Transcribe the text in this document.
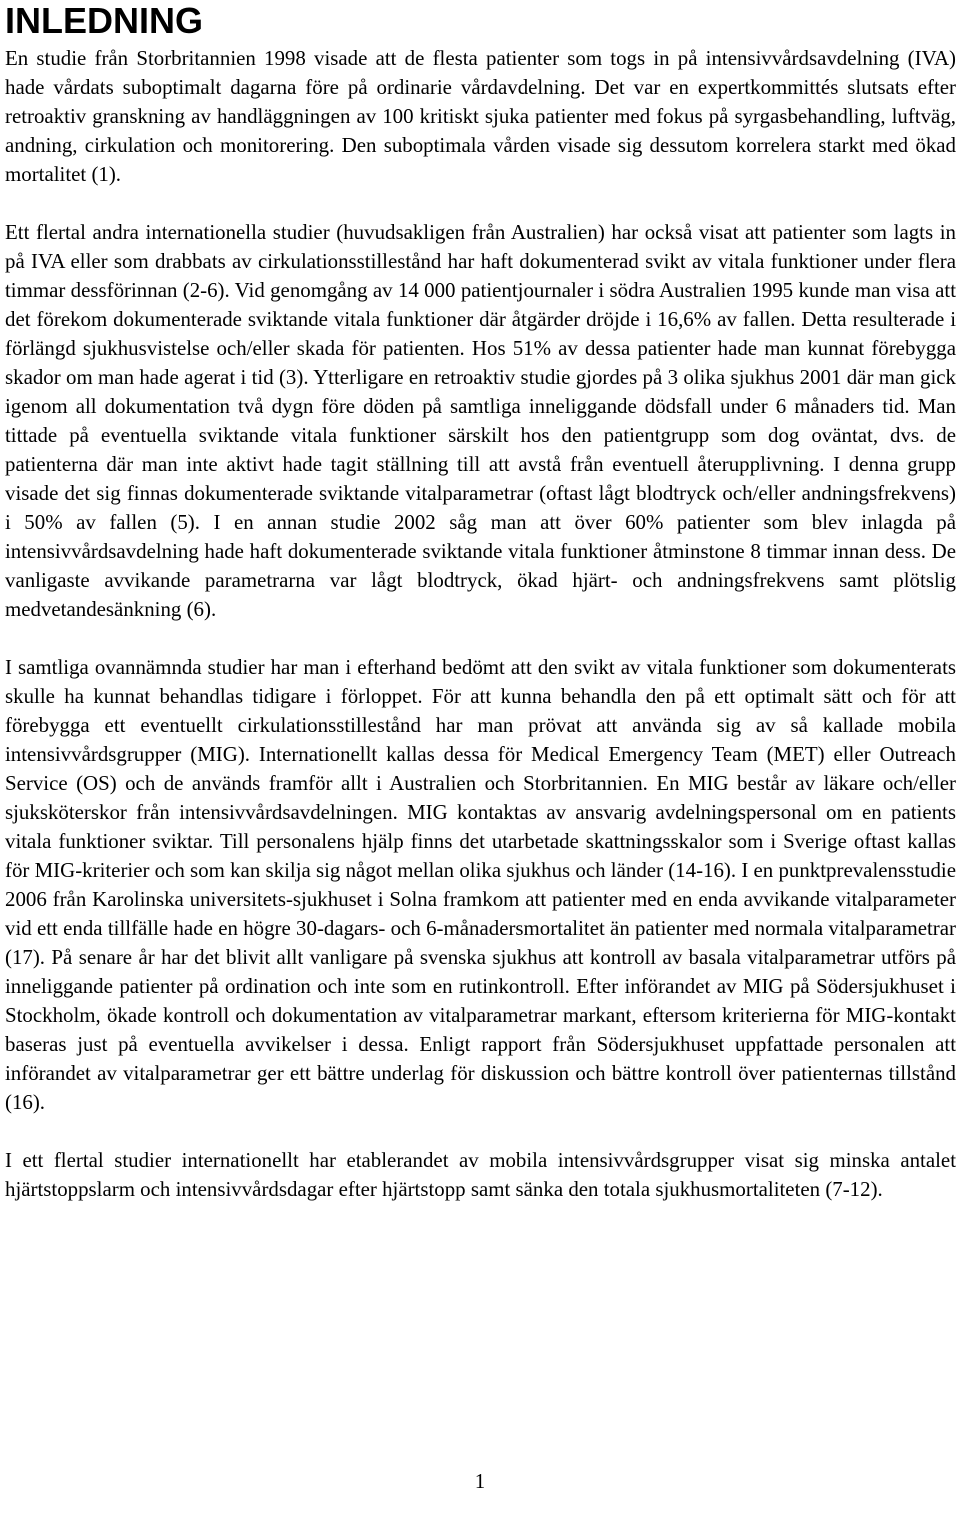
INLEDNING

En studie från Storbritannien 1998 visade att de flesta patienter som togs in på intensivvårdsavdelning (IVA) hade vårdats suboptimalt dagarna före på ordinarie vårdavdelning. Det var en expertkommittés slutsats efter retroaktiv granskning av handläggningen av 100 kritiskt sjuka patienter med fokus på syrgasbehandling, luftväg, andning, cirkulation och monitorering. Den suboptimala vården visade sig dessutom korrelera starkt med ökad mortalitet (1).

Ett flertal andra internationella studier (huvudsakligen från Australien) har också visat att patienter som lagts in på IVA eller som drabbats av cirkulationsstillestånd har haft dokumenterad svikt av vitala funktioner under flera timmar dessförinnan (2-6). Vid genomgång av 14 000 patientjournaler i södra Australien 1995 kunde man visa att det förekom dokumenterade sviktande vitala funktioner där åtgärder dröjde i 16,6% av fallen. Detta resulterade i förlängd sjukhusvistelse och/eller skada för patienten. Hos 51% av dessa patienter hade man kunnat förebygga skador om man hade agerat i tid (3). Ytterligare en retroaktiv studie gjordes på 3 olika sjukhus 2001 där man gick igenom all dokumentation två dygn före döden på samtliga inneliggande dödsfall under 6 månaders tid. Man tittade på eventuella sviktande vitala funktioner särskilt hos den patientgrupp som dog oväntat, dvs. de patienterna där man inte aktivt hade tagit ställning till att avstå från eventuell återupplivning. I denna grupp visade det sig finnas dokumenterade sviktande vitalparametrar (oftast lågt blodtryck och/eller andningsfrekvens) i 50% av fallen (5). I en annan studie 2002 såg man att över 60% patienter som blev inlagda på intensivvårdsavdelning hade haft dokumenterade sviktande vitala funktioner åtminstone 8 timmar innan dess. De vanligaste avvikande parametrarna var lågt blodtryck, ökad hjärt- och andningsfrekvens samt plötslig medvetandesänkning (6).

I samtliga ovannämnda studier har man i efterhand bedömt att den svikt av vitala funktioner som dokumenterats skulle ha kunnat behandlas tidigare i förloppet. För att kunna behandla den på ett optimalt sätt och för att förebygga ett eventuellt cirkulationsstillestånd har man prövat att använda sig av så kallade mobila intensivvårdsgrupper (MIG). Internationellt kallas dessa för Medical Emergency Team (MET) eller Outreach Service (OS) och de används framför allt i Australien och Storbritannien. En MIG består av läkare och/eller sjuksköterskor från intensivvårdsavdelningen. MIG kontaktas av ansvarig avdelningspersonal om en patients vitala funktioner sviktar. Till personalens hjälp finns det utarbetade skattningsskalor som i Sverige oftast kallas för MIG-kriterier och som kan skilja sig något mellan olika sjukhus och länder (14-16). I en punktprevalensstudie 2006 från Karolinska universitets-sjukhuset i Solna framkom att patienter med en enda avvikande vitalparameter vid ett enda tillfälle hade en högre 30-dagars- och 6-månadersmortalitet än patienter med normala vitalparametrar (17). På senare år har det blivit allt vanligare på svenska sjukhus att kontroll av basala vitalparametrar utförs på inneliggande patienter på ordination och inte som en rutinkontroll. Efter införandet av MIG på Södersjukhuset i Stockholm, ökade kontroll och dokumentation av vitalparametrar markant, eftersom kriterierna för MIG-kontakt baseras just på eventuella avvikelser i dessa. Enligt rapport från Södersjukhuset uppfattade personalen att införandet av vitalparametrar ger ett bättre underlag för diskussion och bättre kontroll över patienternas tillstånd (16).

I ett flertal studier internationellt har etablerandet av mobila intensivvårdsgrupper visat sig minska antalet hjärtstoppslarm och intensivvårdsdagar efter hjärtstopp samt sänka den totala sjukhusmortaliteten (7-12).

1
